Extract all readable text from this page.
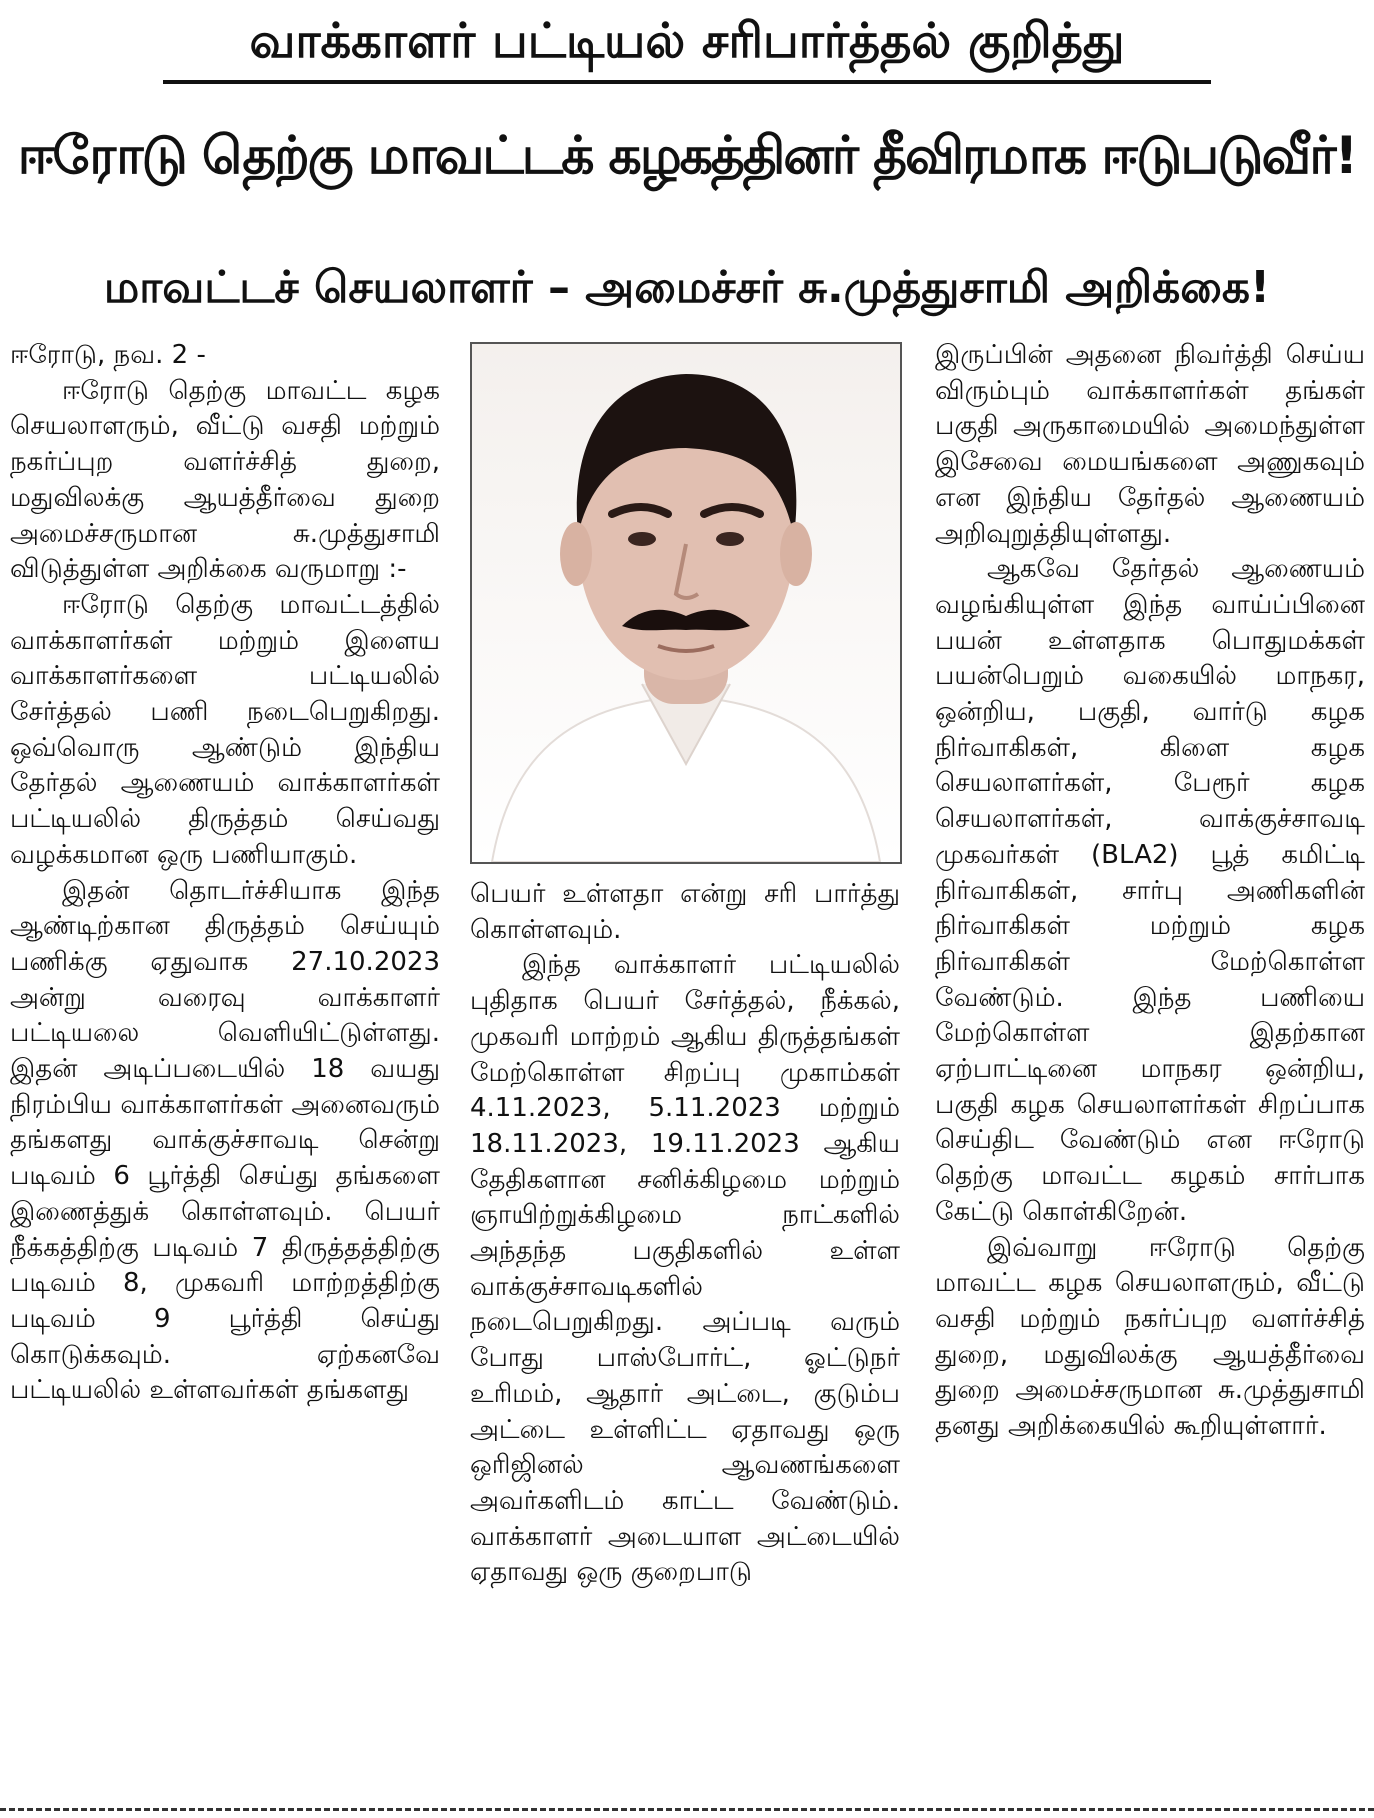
வாக்காளர் பட்டியல் சரிபார்த்தல் குறித்து
ஈரோடு தெற்கு மாவட்டக் கழகத்தினர் தீவிரமாக ஈடுபடுவீர்!
மாவட்டச் செயலாளர் – அமைச்சர் சு.முத்துசாமி அறிக்கை!

ஈரோடு, நவ. 2 -

ஈரோடு தெற்கு மாவட்ட கழக செயலாளரும், வீட்டு வசதி மற்றும் நகர்ப்புற வளர்ச்சித் துறை, மதுவிலக்கு ஆயத்தீர்வை துறை அமைச்சருமான சு.முத்துசாமி விடுத்துள்ள அறிக்கை வருமாறு :-

ஈரோடு தெற்கு மாவட்டத்தில் வாக்காளர்கள் மற்றும் இளைய வாக்காளர்களை பட்டியலில் சேர்த்தல் பணி நடைபெறுகிறது. ஒவ்வொரு ஆண்டும் இந்திய தேர்தல் ஆணையம் வாக்காளர்கள் பட்டியலில் திருத்தம் செய்வது வழக்கமான ஒரு பணியாகும்.

இதன் தொடர்ச்சியாக இந்த ஆண்டிற்கான திருத்தம் செய்யும் பணிக்கு ஏதுவாக 27.10.2023 அன்று வரைவு வாக்காளர் பட்டியலை வெளியிட்டுள்ளது. இதன் அடிப்படையில் 18 வயது நிரம்பிய வாக்காளர்கள் அனைவரும் தங்களது வாக்குச்சாவடி சென்று படிவம் 6 பூர்த்தி செய்து தங்களை இணைத்துக் கொள்ளவும். பெயர் நீக்கத்திற்கு படிவம் 7 திருத்தத்திற்கு படிவம் 8, முகவரி மாற்றத்திற்கு படிவம் 9 பூர்த்தி செய்து கொடுக்கவும். ஏற்கனவே பட்டியலில் உள்ளவர்கள் தங்களது

பெயர் உள்ளதா என்று சரி பார்த்து கொள்ளவும்.

இந்த வாக்காளர் பட்டியலில் புதிதாக பெயர் சேர்த்தல், நீக்கல், முகவரி மாற்றம் ஆகிய திருத்தங்கள் மேற்கொள்ள சிறப்பு முகாம்கள் 4.11.2023, 5.11.2023 மற்றும் 18.11.2023, 19.11.2023 ஆகிய தேதிகளான சனிக்கிழமை மற்றும் ஞாயிற்றுக்கிழமை நாட்களில் அந்தந்த பகுதிகளில் உள்ள வாக்குச்சாவடிகளில் நடைபெறுகிறது. அப்படி வரும் போது பாஸ்போர்ட், ஓட்டுநர் உரிமம், ஆதார் அட்டை, குடும்ப அட்டை உள்ளிட்ட ஏதாவது ஒரு ஒரிஜினல் ஆவணங்களை அவர்களிடம் காட்ட வேண்டும். வாக்காளர் அடையாள அட்டையில் ஏதாவது ஒரு குறைபாடு

இருப்பின் அதனை நிவர்த்தி செய்ய விரும்பும் வாக்காளர்கள் தங்கள் பகுதி அருகாமையில் அமைந்துள்ள இசேவை மையங்களை அணுகவும் என இந்திய தேர்தல் ஆணையம் அறிவுறுத்தியுள்ளது.

ஆகவே தேர்தல் ஆணையம் வழங்கியுள்ள இந்த வாய்ப்பினை பயன் உள்ளதாக பொதுமக்கள் பயன்பெறும் வகையில் மாநகர, ஒன்றிய, பகுதி, வார்டு கழக நிர்வாகிகள், கிளை கழக செயலாளர்கள், பேரூர் கழக செயலாளர்கள், வாக்குச்சாவடி முகவர்கள் (BLA2) பூத் கமிட்டி நிர்வாகிகள், சார்பு அணிகளின் நிர்வாகிகள் மற்றும் கழக நிர்வாகிகள் மேற்கொள்ள வேண்டும். இந்த பணியை மேற்கொள்ள இதற்கான ஏற்பாட்டினை மாநகர ஒன்றிய, பகுதி கழக செயலாளர்கள் சிறப்பாக செய்திட வேண்டும் என ஈரோடு தெற்கு மாவட்ட கழகம் சார்பாக கேட்டு கொள்கிறேன்.

இவ்வாறு ஈரோடு தெற்கு மாவட்ட கழக செயலாளரும், வீட்டு வசதி மற்றும் நகர்ப்புற வளர்ச்சித் துறை, மதுவிலக்கு ஆயத்தீர்வை துறை அமைச்சருமான சு.முத்துசாமி தனது அறிக்கையில் கூறியுள்ளார்.
